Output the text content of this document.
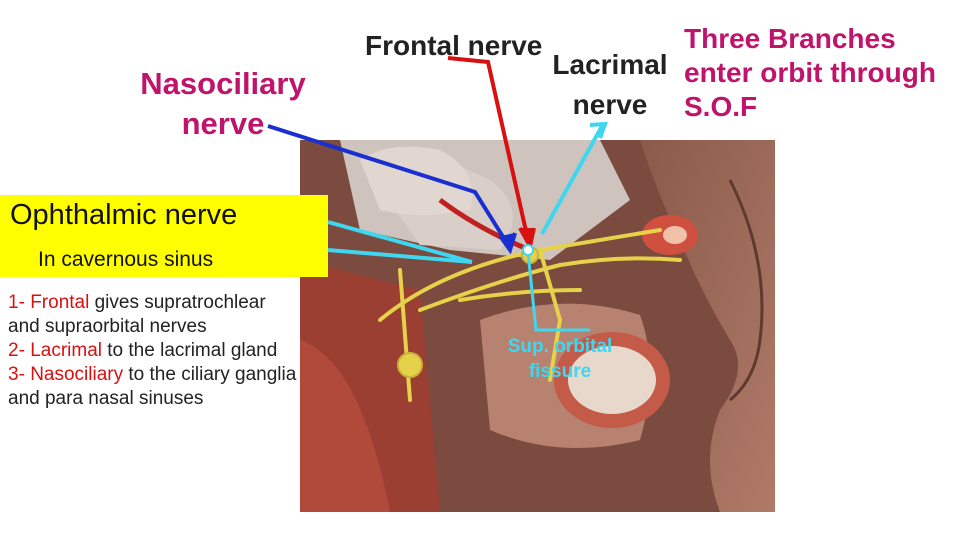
Nasociliary
nerve
Frontal nerve
Lacrimal
nerve
Three Branches
enter orbit through
S.O.F
Ophthalmic nerve
In cavernous sinus

1- Frontal gives supratrochlear and supraorbital nerves

2- Lacrimal to the lacrimal gland

3- Nasociliary to the ciliary ganglia and para nasal sinuses

Sup. orbital
fissure
